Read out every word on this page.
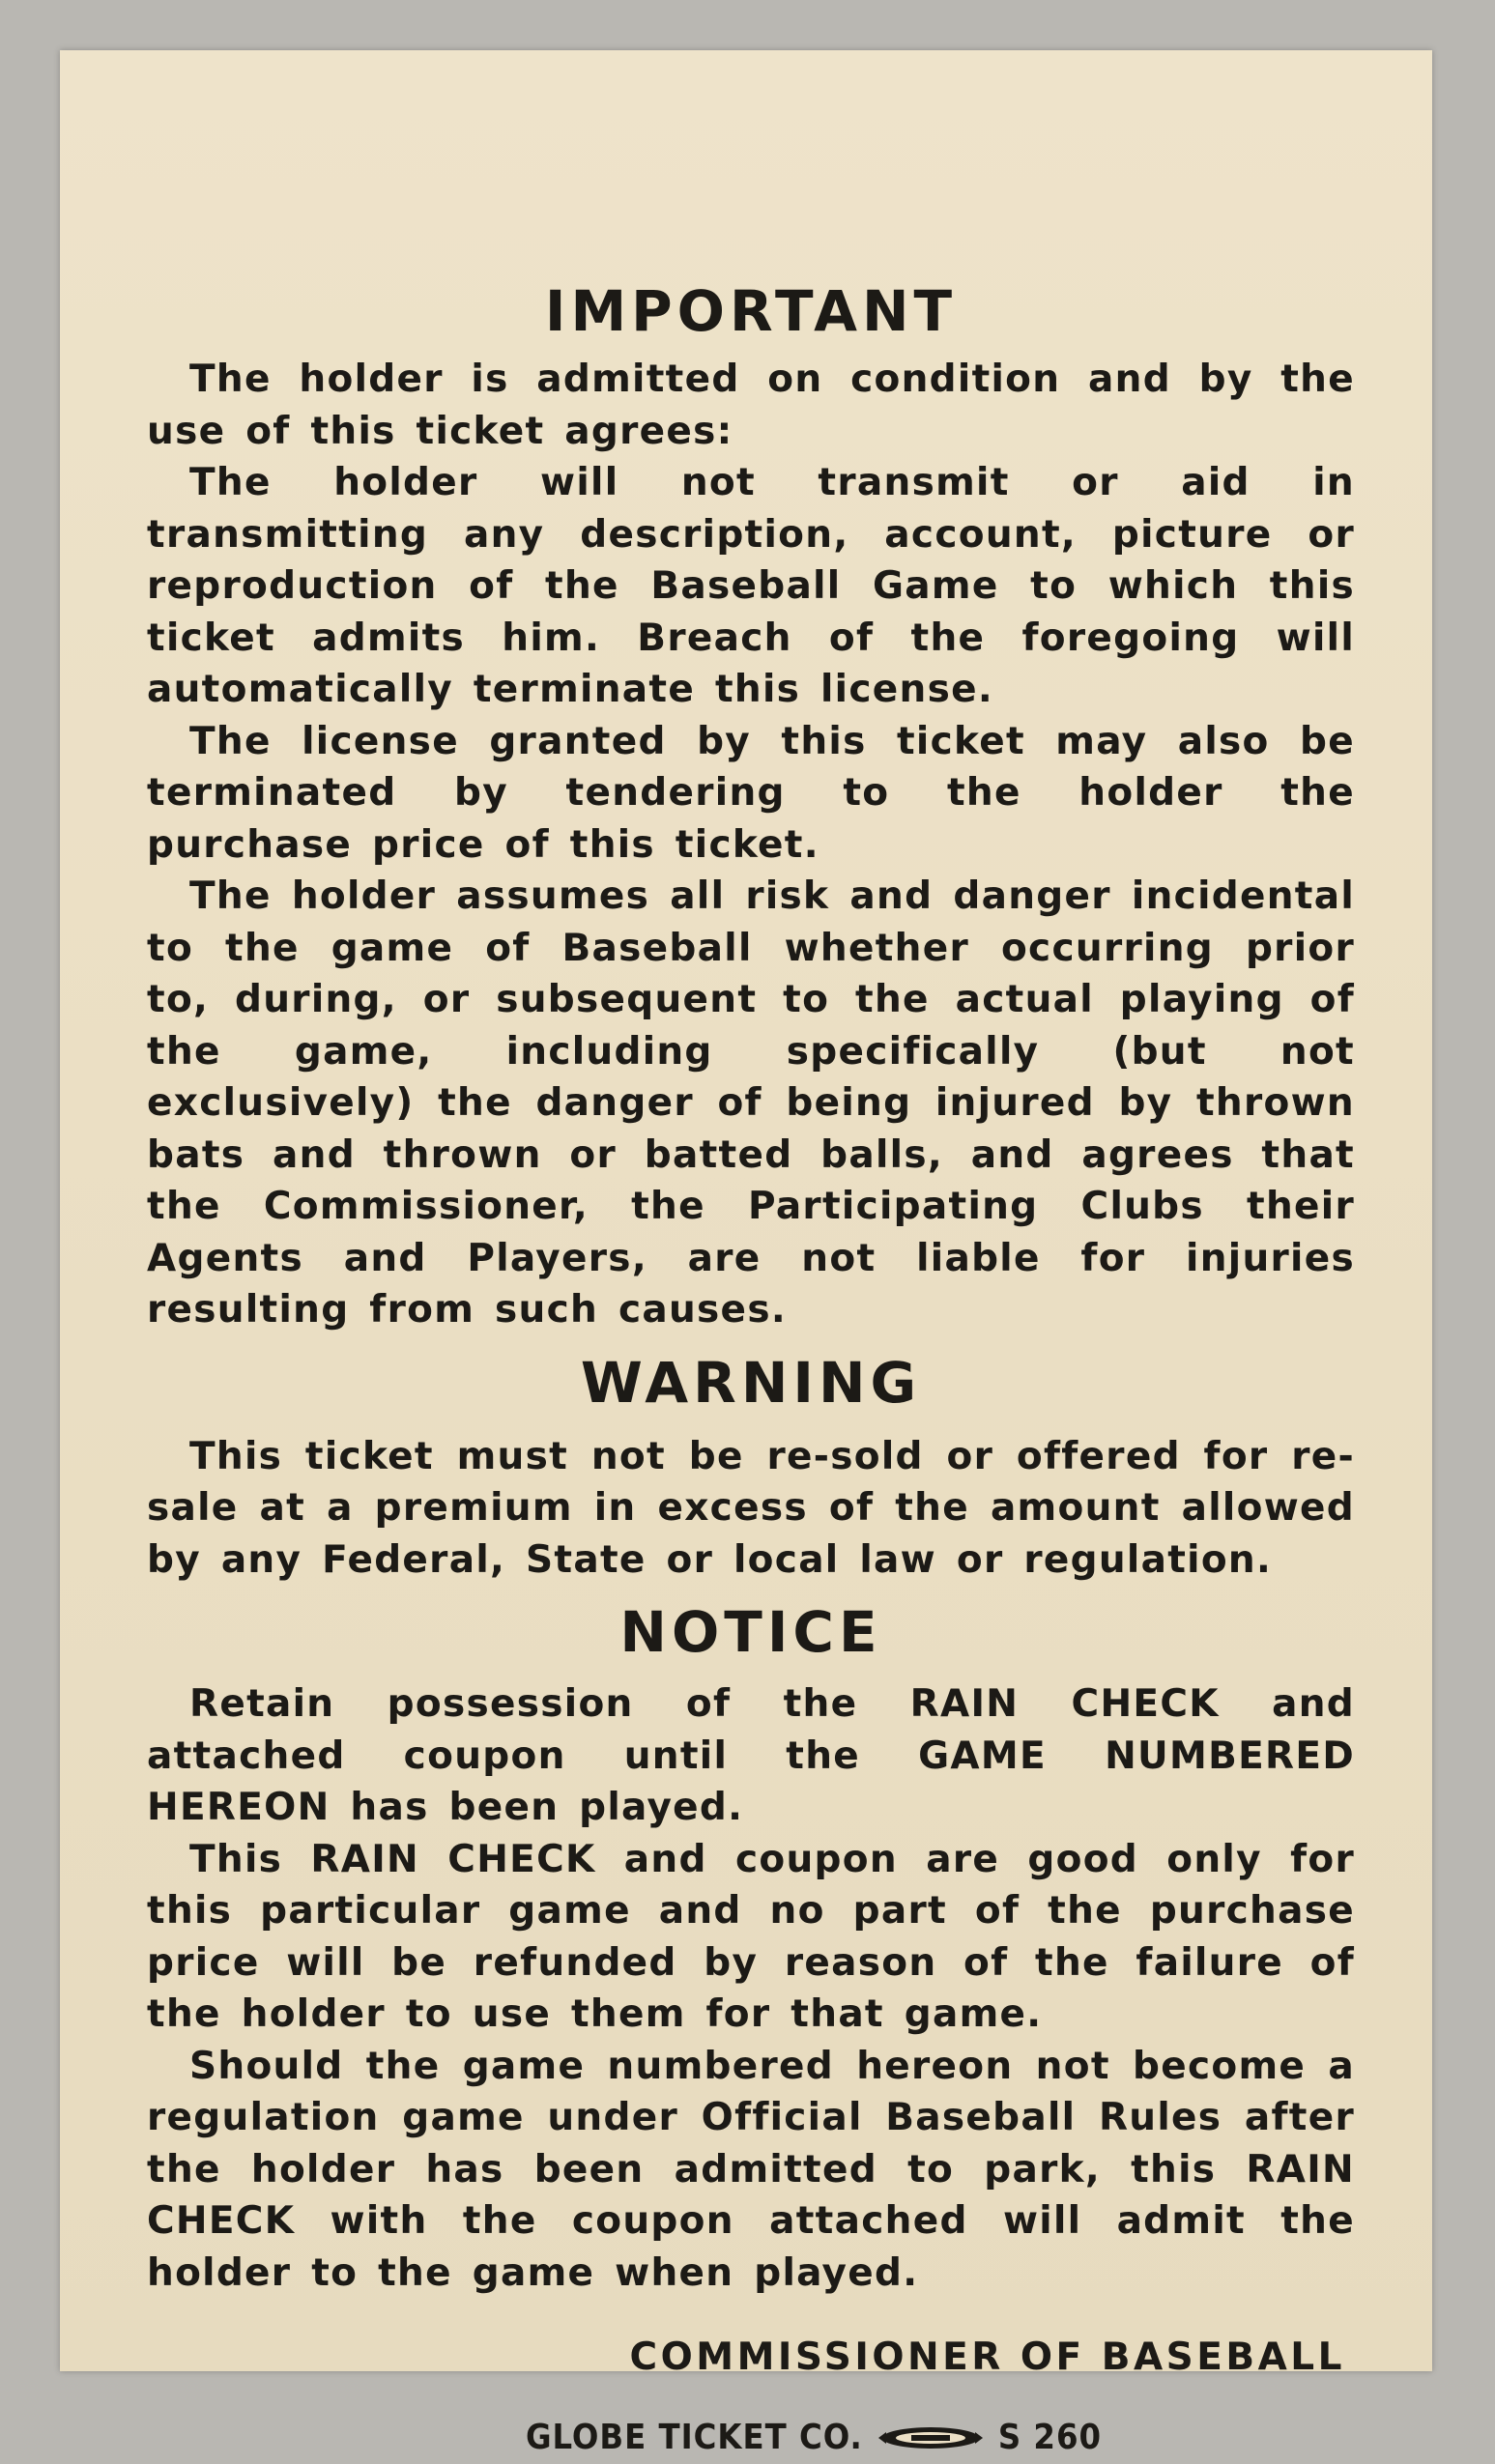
IMPORTANT

The holder is admitted on condition and by the use of this ticket agrees:

The holder will not transmit or aid in transmitting any description, account, picture or reproduction of the Baseball Game to which this ticket admits him. Breach of the foregoing will automatically terminate this license.

The license granted by this ticket may also be terminated by tendering to the holder the purchase price of this ticket.

The holder assumes all risk and danger incidental to the game of Baseball whether occurring prior to, during, or subsequent to the actual playing of the game, including specifically (but not exclusively) the danger of being injured by thrown bats and thrown or batted balls, and agrees that the Commissioner, the Participating Clubs their Agents and Players, are not liable for injuries resulting from such causes.

WARNING

This ticket must not be re-sold or offered for re-sale at a premium in excess of the amount allowed by any Federal, State or local law or regulation.

NOTICE

Retain possession of the RAIN CHECK and attached coupon until the GAME NUMBERED HEREON has been played.

This RAIN CHECK and coupon are good only for this particular game and no part of the purchase price will be refunded by reason of the failure of the holder to use them for that game.

Should the game numbered hereon not become a regulation game under Official Baseball Rules after the holder has been admitted to park, this RAIN CHECK with the coupon attached will admit the holder to the game when played.

COMMISSIONER OF BASEBALL
GLOBE TICKET CO.	S 260
